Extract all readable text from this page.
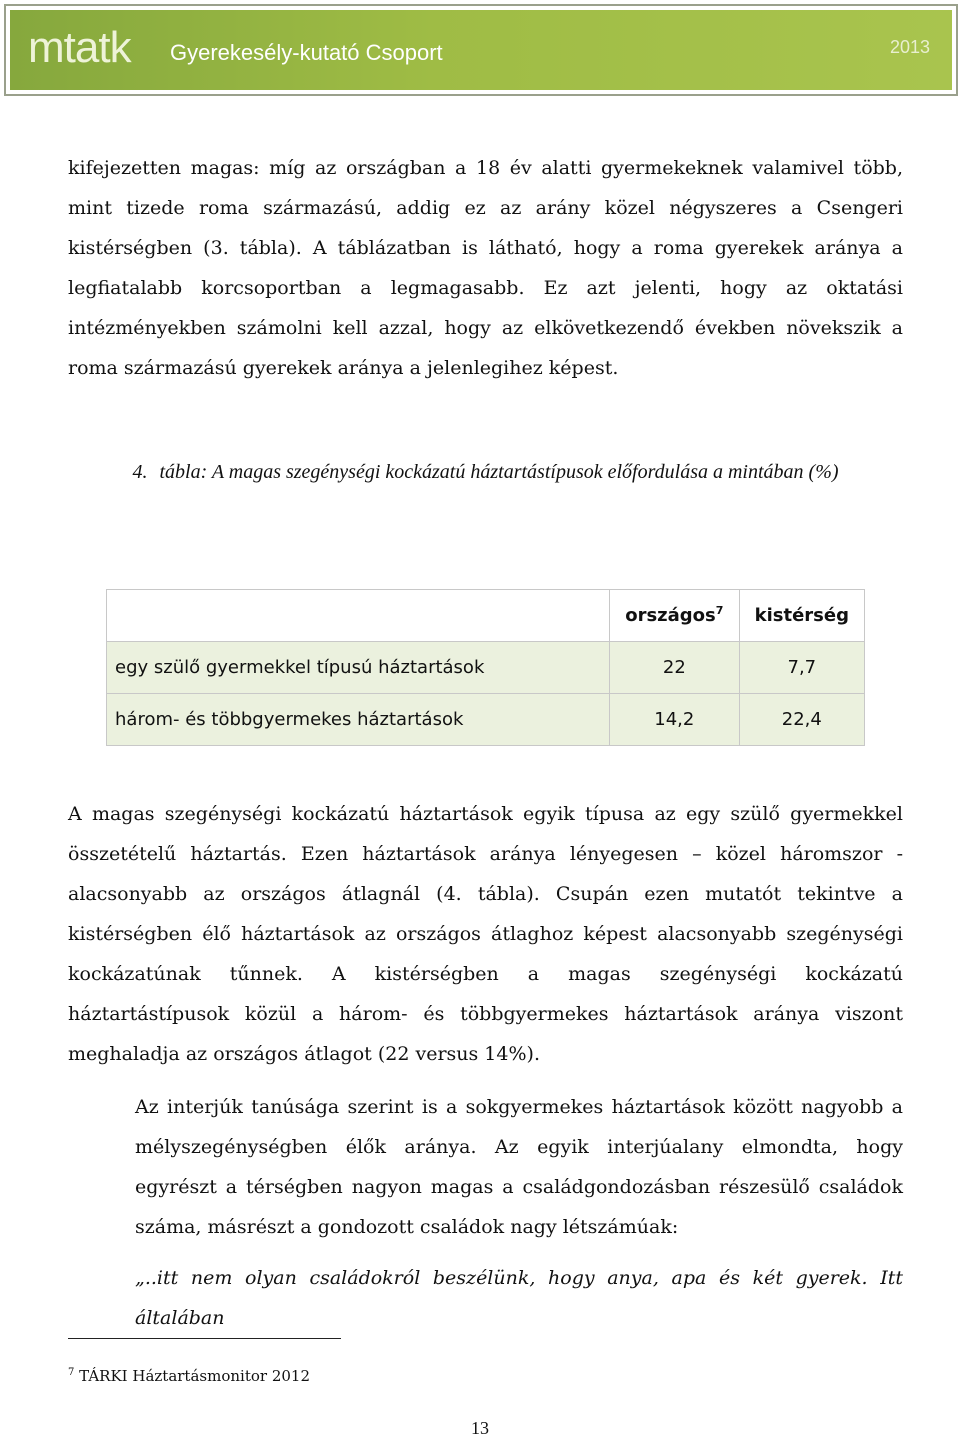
mtatk Gyerekesély-kutató Csoport	2013

kifejezetten magas: míg az országban a 18 év alatti gyermekeknek valamivel több, mint tizede roma származású, addig ez az arány közel négyszeres a Csengeri kistérségben (3. tábla). A táblázatban is látható, hogy a roma gyerekek aránya a legfiatalabb korcsoportban a legmagasabb. Ez azt jelenti, hogy az oktatási intézményekben számolni kell azzal, hogy az elkövetkezendő években növekszik a roma származású gyerekek aránya a jelenlegihez képest.

4. tábla: A magas szegénységi kockázatú háztartástípusok előfordulása a mintában (%)

	országos$^7$	kistérség
egy szülő gyermekkel típusú háztartások	22	7,7
három- és többgyermekes háztartások	14,2	22,4

A magas szegénységi kockázatú háztartások egyik típusa az egy szülő gyermekkel összetételű háztartás. Ezen háztartások aránya lényegesen – közel háromszor - alacsonyabb az országos átlagnál (4. tábla). Csupán ezen mutatót tekintve a kistérségben élő háztartások az országos átlaghoz képest alacsonyabb szegénységi kockázatúnak tűnnek. A kistérségben a magas szegénységi kockázatú háztartástípusok közül a három- és többgyermekes háztartások aránya viszont meghaladja az országos átlagot (22 versus 14%).

Az interjúk tanúsága szerint is a sokgyermekes háztartások között nagyobb a mélyszegénységben élők aránya. Az egyik interjúalany elmondta, hogy egyrészt a térségben nagyon magas a családgondozásban részesülő családok száma, másrészt a gondozott családok nagy létszámúak:

„..itt nem olyan családokról beszélünk, hogy anya, apa és két gyerek. Itt általában

$^7$ TÁRKI Háztartásmonitor 2012
13
